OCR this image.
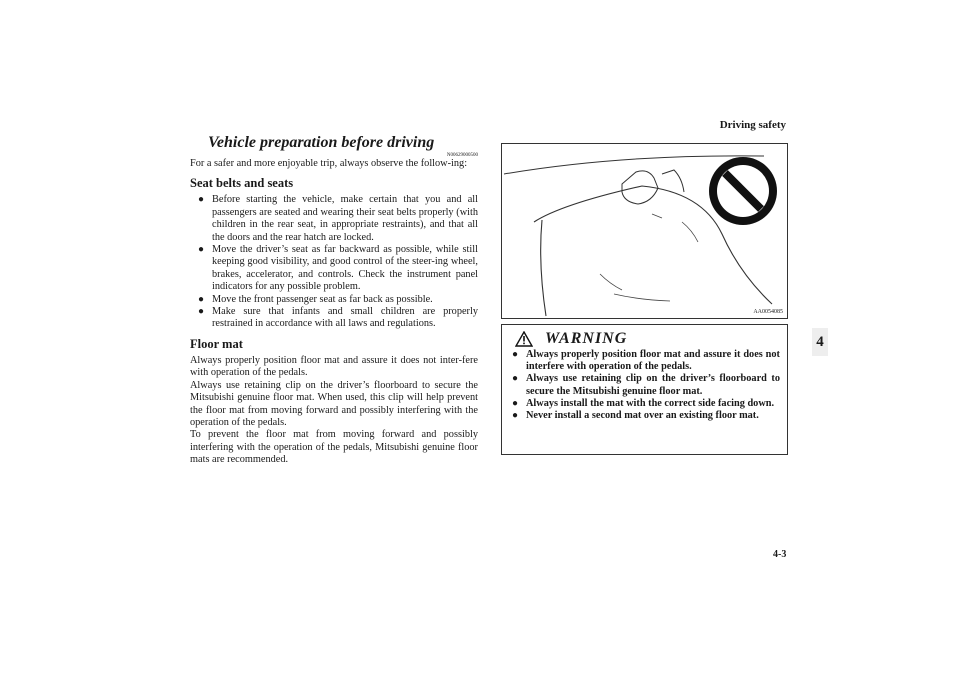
Driving safety
4
4-3
Vehicle preparation before driving
N00629000500

For a safer and more enjoyable trip, always observe the follow-ing:

Seat belts and seats
● Before starting the vehicle, make certain that you and all passengers are seated and wearing their seat belts properly (with children in the rear seat, in appropriate restraints), and that all the doors and the rear hatch are locked.
● Move the driver’s seat as far backward as possible, while still keeping good visibility, and good control of the steer-ing wheel, brakes, accelerator, and controls. Check the instrument panel indicators for any possible problem.
● Move the front passenger seat as far back as possible.
● Make sure that infants and small children are properly restrained in accordance with all laws and regulations.
Floor mat

Always properly position floor mat and assure it does not inter-fere with operation of the pedals.

Always use retaining clip on the driver’s floorboard to secure the Mitsubishi genuine floor mat. When used, this clip will help prevent the floor mat from moving forward and possibly interfering with the operation of the pedals.

To prevent the floor mat from moving forward and possibly interfering with the operation of the pedals, Mitsubishi genuine floor mats are recommended.

AA0054085
WARNING
● Always properly position floor mat and assure it does not interfere with operation of the pedals.
● Always use retaining clip on the driver’s floorboard to secure the Mitsubishi genuine floor mat.
● Always install the mat with the correct side facing down.
● Never install a second mat over an existing floor mat.
